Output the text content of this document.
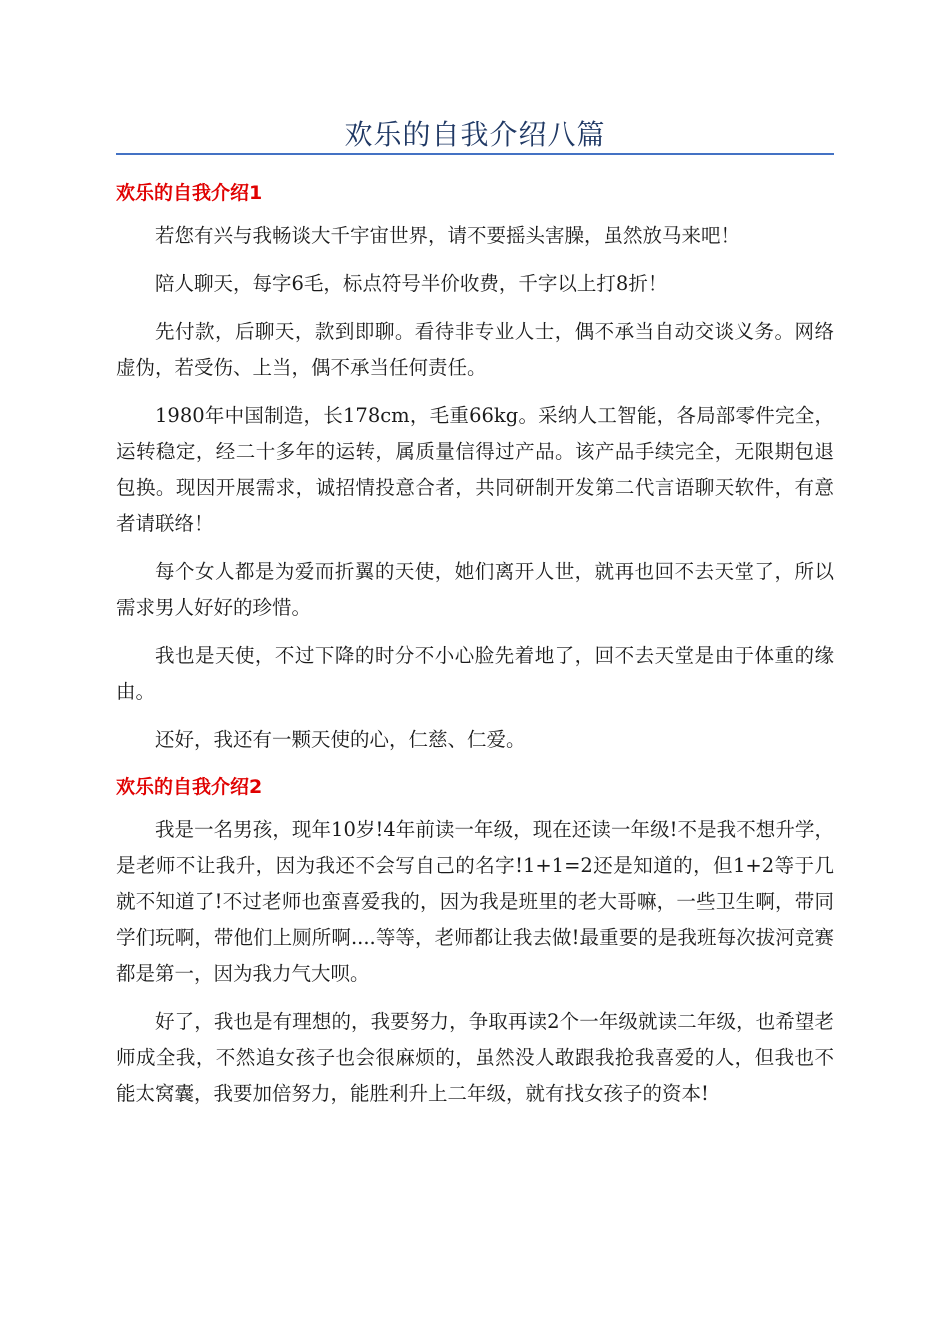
欢乐的自我介绍八篇
欢乐的自我介绍1

若您有兴与我畅谈大千宇宙世界，请不要摇头害臊，虽然放马来吧！

陪人聊天，每字6毛，标点符号半价收费，千字以上打8折！

先付款，后聊天，款到即聊。看待非专业人士，偶不承当自动交谈义务。网络虚伪，若受伤、上当，偶不承当任何责任。

1980年中国制造，长178cm，毛重66kg。采纳人工智能，各局部零件完全，运转稳定，经二十多年的运转，属质量信得过产品。该产品手续完全，无限期包退包换。现因开展需求，诚招情投意合者，共同研制开发第二代言语聊天软件，有意者请联络！

每个女人都是为爱而折翼的天使，她们离开人世，就再也回不去天堂了，所以需求男人好好的珍惜。

我也是天使，不过下降的时分不小心脸先着地了，回不去天堂是由于体重的缘由。

还好，我还有一颗天使的心，仁慈、仁爱。

欢乐的自我介绍2

我是一名男孩，现年10岁!4年前读一年级，现在还读一年级!不是我不想升学，是老师不让我升，因为我还不会写自己的名字!1+1=2还是知道的，但1+2等于几就不知道了!不过老师也蛮喜爱我的，因为我是班里的老大哥嘛，一些卫生啊，带同学们玩啊，带他们上厕所啊....等等，老师都让我去做!最重要的是我班每次拔河竞赛都是第一，因为我力气大呗。

好了，我也是有理想的，我要努力，争取再读2个一年级就读二年级，也希望老师成全我，不然追女孩子也会很麻烦的，虽然没人敢跟我抢我喜爱的人，但我也不能太窝囊，我要加倍努力，能胜利升上二年级，就有找女孩子的资本!
